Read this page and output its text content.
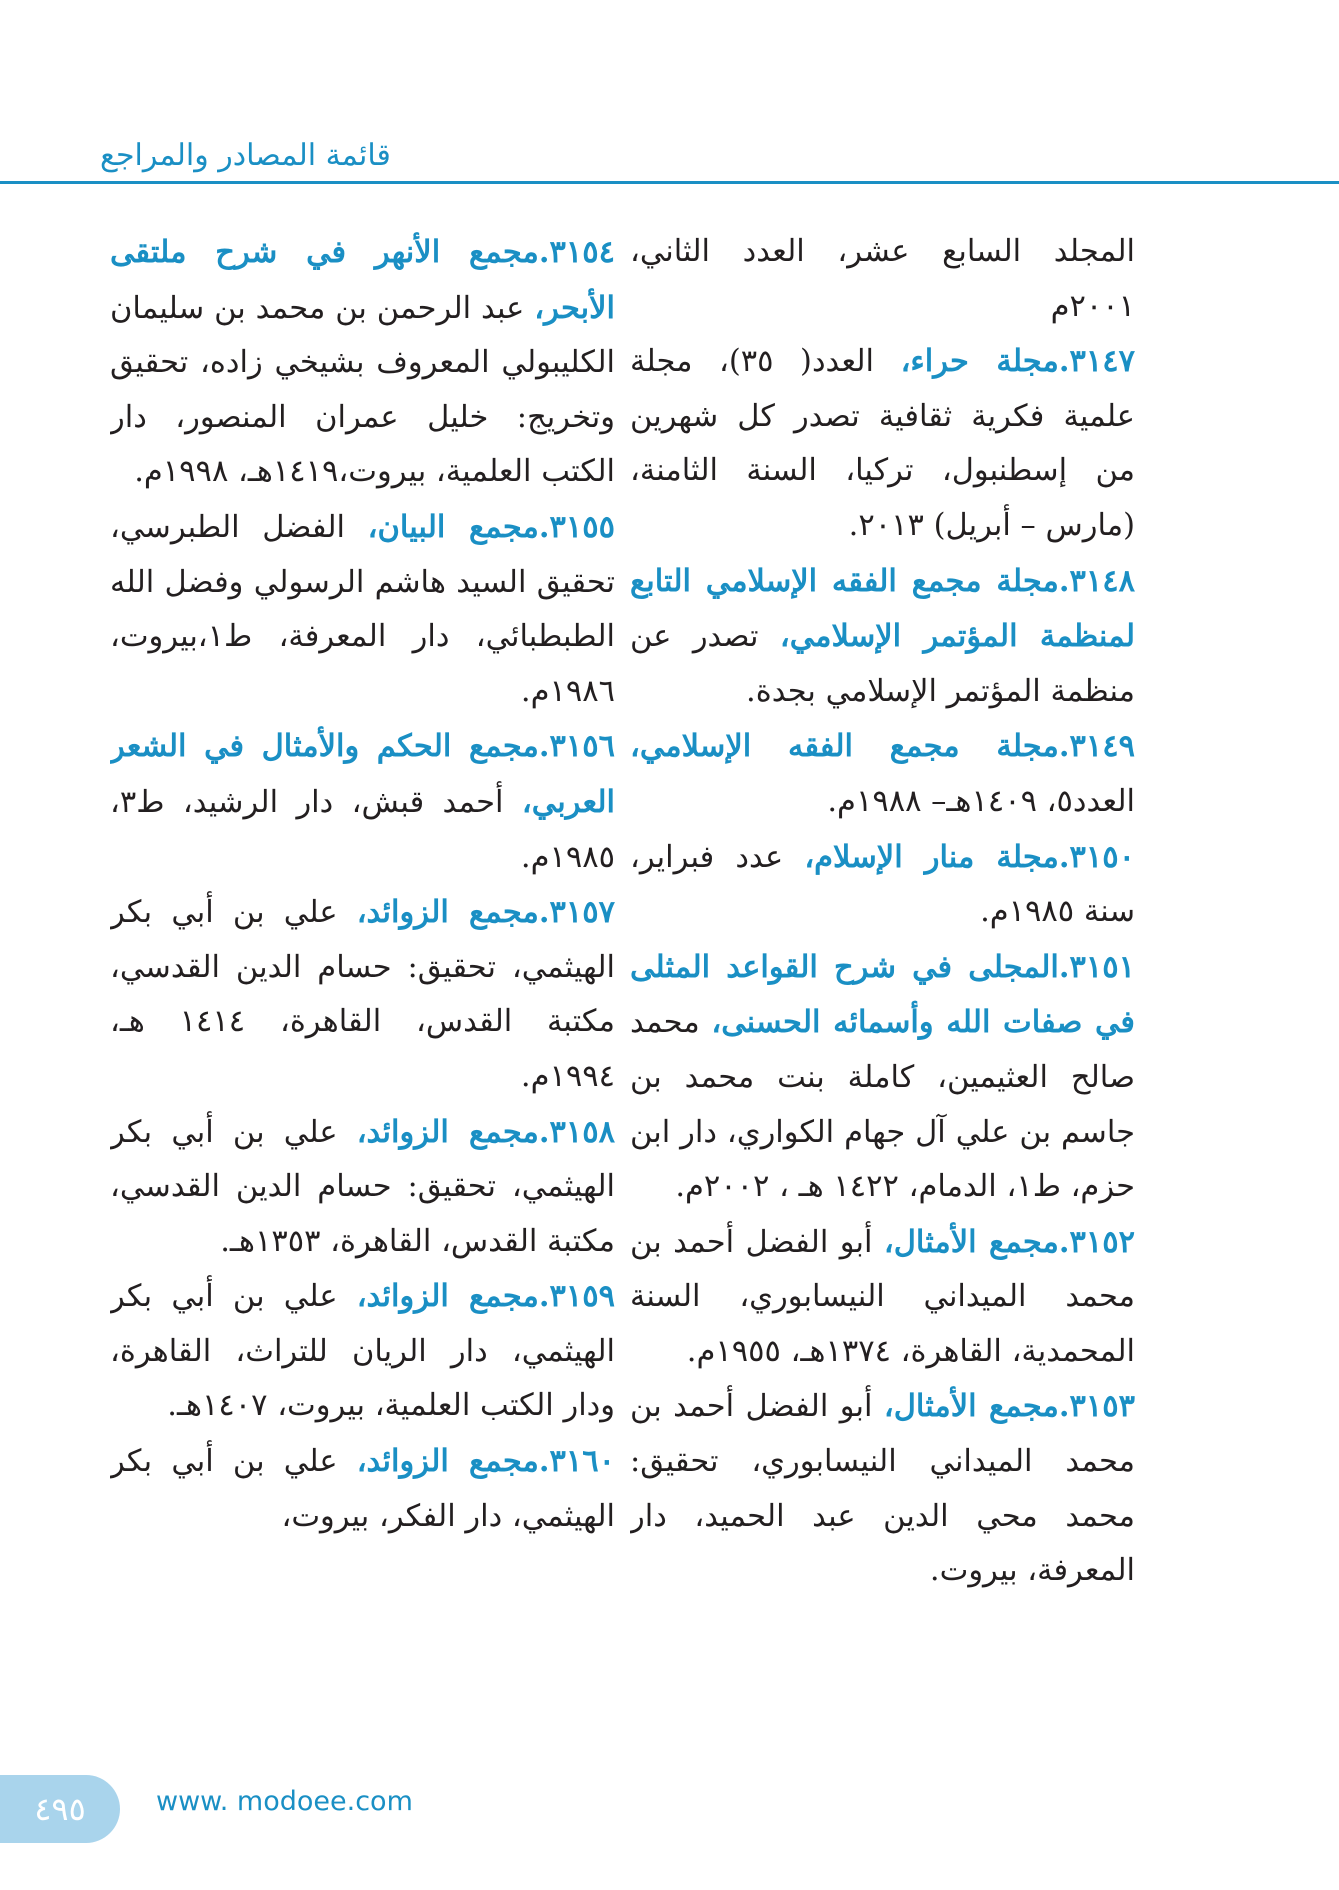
قائمة المصادر والمراجع

المجلد السابع عشر، العدد الثاني، ٢٠٠١م

٣١٤٧.مجلة حراء، العدد( ٣٥)، مجلة علمية فكرية ثقافية تصدر كل شهرين من إسطنبول، تركيا، السنة الثامنة، (مارس – أبريل) ٢٠١٣.

٣١٤٨.مجلة مجمع الفقه الإسلامي التابع لمنظمة المؤتمر الإسلامي، تصدر عن منظمة المؤتمر الإسلامي بجدة.

٣١٤٩.مجلة مجمع الفقه الإسلامي، العدد٥، ١٤٠٩هـ– ١٩٨٨م.

٣١٥٠.مجلة منار الإسلام، عدد فبراير، سنة ١٩٨٥م.

٣١٥١.المجلى في شرح القواعد المثلى في صفات الله وأسمائه الحسنى، محمد صالح العثيمين، كاملة بنت محمد بن جاسم بن علي آل جهام الكواري، دار ابن حزم، ط١، الدمام، ١٤٢٢ هـ ، ٢٠٠٢م.

٣١٥٢.مجمع الأمثال، أبو الفضل أحمد بن محمد الميداني النيسابوري، السنة المحمدية، القاهرة، ١٣٧٤هـ، ١٩٥٥م.

٣١٥٣.مجمع الأمثال، أبو الفضل أحمد بن محمد الميداني النيسابوري، تحقيق: محمد محي الدين عبد الحميد، دار المعرفة، بيروت.

٣١٥٤.مجمع الأنهر في شرح ملتقى الأبحر، عبد الرحمن بن محمد بن سليمان الكليبولي المعروف بشيخي زاده، تحقيق وتخريج: خليل عمران المنصور، دار الكتب العلمية، بيروت،١٤١٩هـ، ١٩٩٨م.

٣١٥٥.مجمع البيان، الفضل الطبرسي، تحقيق السيد هاشم الرسولي وفضل الله الطبطبائي، دار المعرفة، ط١،بيروت، ١٩٨٦م.

٣١٥٦.مجمع الحكم والأمثال في الشعر العربي، أحمد قبش، دار الرشيد، ط٣، ١٩٨٥م.

٣١٥٧.مجمع الزوائد، علي بن أبي بكر الهيثمي، تحقيق: حسام الدين القدسي، مكتبة القدس، القاهرة، ١٤١٤ هـ، ١٩٩٤م.

٣١٥٨.مجمع الزوائد، علي بن أبي بكر الهيثمي، تحقيق: حسام الدين القدسي، مكتبة القدس، القاهرة، ١٣٥٣هـ.

٣١٥٩.مجمع الزوائد، علي بن أبي بكر الهيثمي، دار الريان للتراث، القاهرة، ودار الكتب العلمية، بيروت، ١٤٠٧هـ.

٣١٦٠.مجمع الزوائد، علي بن أبي بكر الهيثمي، دار الفكر، بيروت،

٤٩٥	www. modoee.com
